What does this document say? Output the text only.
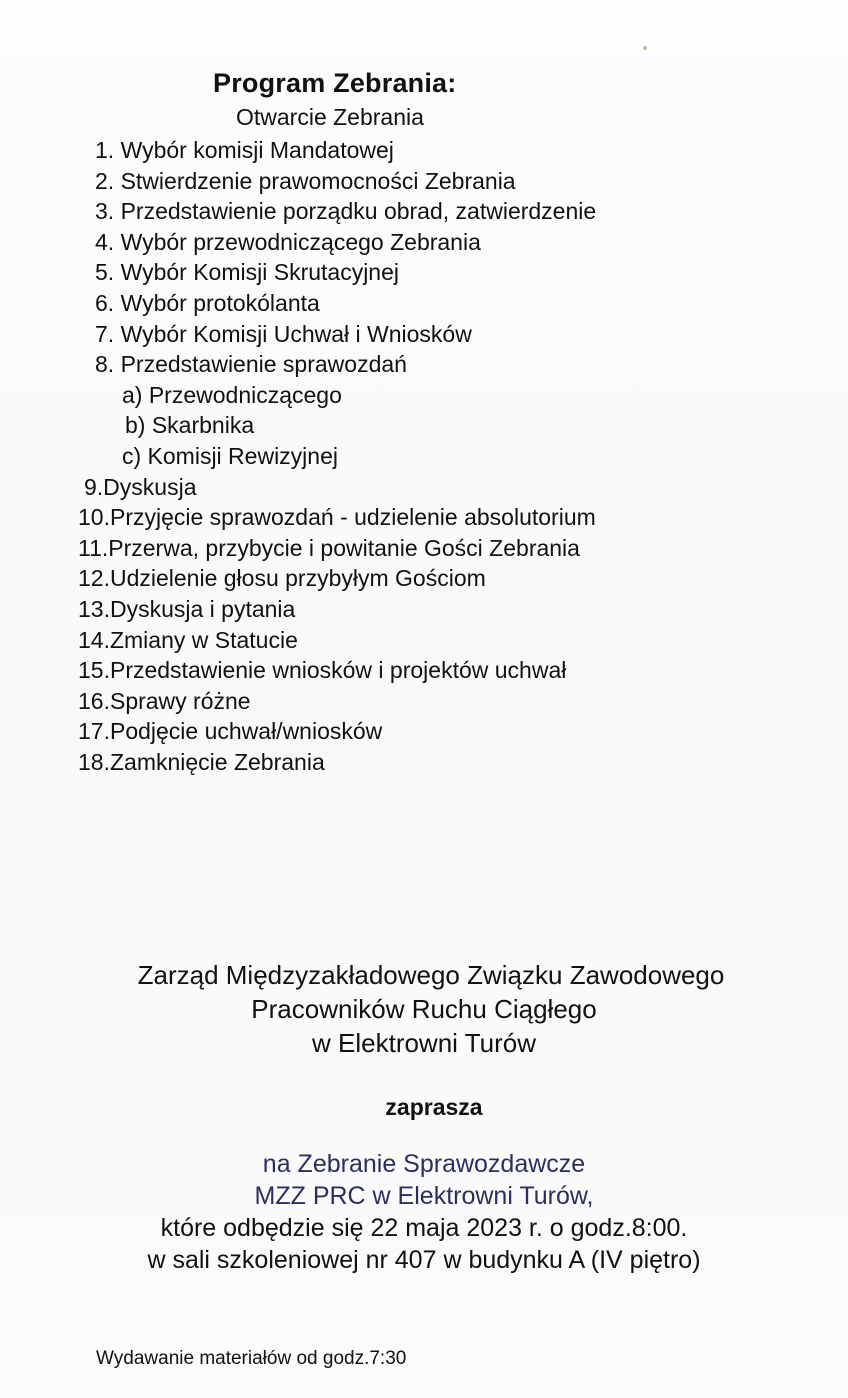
Program Zebrania:
Otwarcie Zebrania
1. Wybór komisji Mandatowej
2. Stwierdzenie prawomocności Zebrania
3. Przedstawienie porządku obrad, zatwierdzenie
4. Wybór przewodniczącego Zebrania
5. Wybór Komisji Skrutacyjnej
6. Wybór protokólanta
7. Wybór Komisji Uchwał i Wniosków
8. Przedstawienie sprawozdań
a) Przewodniczącego
b) Skarbnika
c) Komisji Rewizyjnej
9.Dyskusja
10.Przyjęcie sprawozdań - udzielenie absolutorium
11.Przerwa, przybycie i powitanie Gości Zebrania
12.Udzielenie głosu przybyłym Gościom
13.Dyskusja i pytania
14.Zmiany w Statucie
15.Przedstawienie wniosków i projektów uchwał
16.Sprawy różne
17.Podjęcie uchwał/wniosków
18.Zamknięcie Zebrania
Zarząd Międzyzakładowego Związku Zawodowego
Pracowników Ruchu Ciągłego
w Elektrowni Turów
zaprasza
na Zebranie Sprawozdawcze
MZZ PRC w Elektrowni Turów,
które odbędzie się 22 maja 2023 r. o godz.8:00.
w sali szkoleniowej nr 407 w budynku A (IV piętro)
Wydawanie materiałów od godz.7:30
